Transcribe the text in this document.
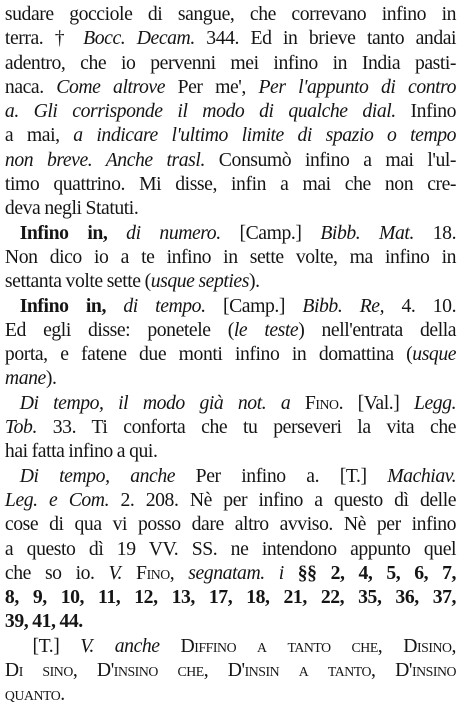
sudare gocciole di sangue, che correvano infino in
terra. † Bocc. Decam. 344. Ed in brieve tanto andai
adentro, che io pervenni mei infino in India pasti-
naca. Come altrove Per me', Per l'appunto di contro
a. Gli corrisponde il modo di qualche dial. Infino
a mai, a indicare l'ultimo limite di spazio o tempo
non breve. Anche trasl. Consumò infino a mai l'ul-
timo quattrino. Mi disse, infin a mai che non cre-
deva negli Statuti.
Infino in, di numero. [Camp.] Bibb. Mat. 18.
Non dico io a te infino in sette volte, ma infino in
settanta volte sette (usque septies).
Infino in, di tempo. [Camp.] Bibb. Re, 4. 10.
Ed egli disse: ponetele (le teste) nell'entrata della
porta, e fatene due monti infino in domattina (usque
mane).
Di tempo, il modo già not. a Fino. [Val.] Legg.
Tob. 33. Ti conforta che tu perseveri la vita che
hai fatta infino a qui.
Di tempo, anche Per infino a. [T.] Machiav.
Leg. e Com. 2. 208. Nè per infino a questo dì delle
cose di qua vi posso dare altro avviso. Nè per infino
a questo dì 19 VV. SS. ne intendono appunto quel
che so io. V. Fino, segnatam. i §§ 2, 4, 5, 6, 7,
8, 9, 10, 11, 12, 13, 17, 18, 21, 22, 35, 36, 37,
39, 41, 44.
[T.] V. anche Diffino a tanto che, Disino,
Di sino, D'insino che, D'insin a tanto, D'insino
quanto.
